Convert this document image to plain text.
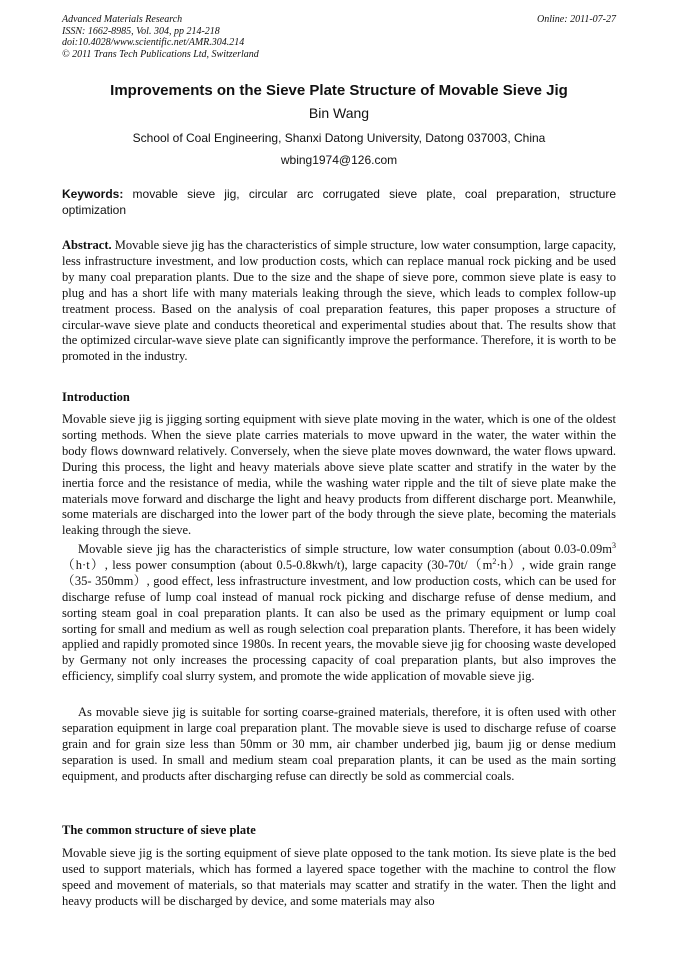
Advanced Materials Research
ISSN: 1662-8985, Vol. 304, pp 214-218
doi:10.4028/www.scientific.net/AMR.304.214
© 2011 Trans Tech Publications Ltd, Switzerland
Online: 2011-07-27
Improvements on the Sieve Plate Structure of Movable Sieve Jig
Bin Wang
School of Coal Engineering, Shanxi Datong University, Datong 037003, China
wbing1974@126.com
Keywords: movable sieve jig, circular arc corrugated sieve plate, coal preparation, structure optimization
Abstract. Movable sieve jig has the characteristics of simple structure, low water consumption, large capacity, less infrastructure investment, and low production costs, which can replace manual rock picking and be used by many coal preparation plants. Due to the size and the shape of sieve pore, common sieve plate is easy to plug and has a short life with many materials leaking through the sieve, which leads to complex follow-up treatment process. Based on the analysis of coal preparation features, this paper proposes a structure of circular-wave sieve plate and conducts theoretical and experimental studies about that. The results show that the optimized circular-wave sieve plate can significantly improve the performance. Therefore, it is worth to be promoted in the industry.
Introduction
Movable sieve jig is jigging sorting equipment with sieve plate moving in the water, which is one of the oldest sorting methods. When the sieve plate carries materials to move upward in the water, the water within the body flows downward relatively. Conversely, when the sieve plate moves downward, the water flows upward. During this process, the light and heavy materials above sieve plate scatter and stratify in the water by the inertia force and the resistance of media, while the washing water ripple and the tilt of sieve plate make the materials move forward and discharge the light and heavy products from different discharge port. Meanwhile, some materials are discharged into the lower part of the body through the sieve plate, becoming the materials leaking through the sieve.
Movable sieve jig has the characteristics of simple structure, low water consumption (about $0.03-0.09m^3(h\cdot t)$, less power consumption (about 0.5-0.8kwh/t), large capacity ($30-70t/(m^2\cdot h)$, wide grain range（35- 350mm）, good effect, less infrastructure investment, and low production costs, which can be used for discharge refuse of lump coal instead of manual rock picking and discharge refuse of dense medium, and sorting steam goal in coal preparation plants. It can also be used as the primary equipment or lump coal sorting for small and medium as well as rough selection coal preparation plants. Therefore, it has been widely applied and rapidly promoted since 1980s. In recent years, the movable sieve jig for choosing waste developed by Germany not only increases the processing capacity of coal preparation plants, but also improves the efficiency, simplify coal slurry system, and promote the wide application of movable sieve jig.
As movable sieve jig is suitable for sorting coarse-grained materials, therefore, it is often used with other separation equipment in large coal preparation plant. The movable sieve is used to discharge refuse of coarse grain and for grain size less than 50mm or 30 mm, air chamber underbed jig, baum jig or dense medium separation is used. In small and medium steam coal preparation plants, it can be used as the main sorting equipment, and products after discharging refuse can directly be sold as commercial coals.
The common structure of sieve plate
Movable sieve jig is the sorting equipment of sieve plate opposed to the tank motion. Its sieve plate is the bed used to support materials, which has formed a layered space together with the machine to control the flow speed and movement of materials, so that materials may scatter and stratify in the water. Then the light and heavy products will be discharged by device, and some materials may also
